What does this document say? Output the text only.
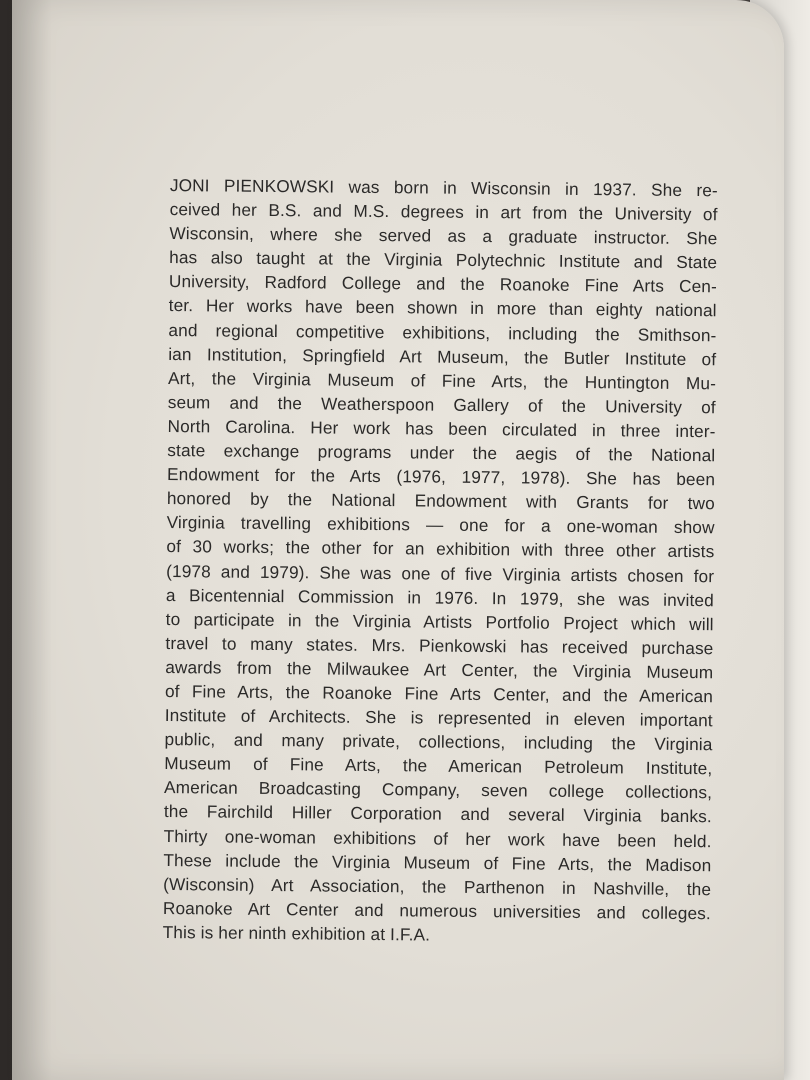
JONI PIENKOWSKI was born in Wisconsin in 1937. She re-
ceived her B.S. and M.S. degrees in art from the University of
Wisconsin, where she served as a graduate instructor. She
has also taught at the Virginia Polytechnic Institute and State
University, Radford College and the Roanoke Fine Arts Cen-
ter. Her works have been shown in more than eighty national
and regional competitive exhibitions, including the Smithson-
ian Institution, Springfield Art Museum, the Butler Institute of
Art, the Virginia Museum of Fine Arts, the Huntington Mu-
seum and the Weatherspoon Gallery of the University of
North Carolina. Her work has been circulated in three inter-
state exchange programs under the aegis of the National
Endowment for the Arts (1976, 1977, 1978). She has been
honored by the National Endowment with Grants for two
Virginia travelling exhibitions — one for a one-woman show
of 30 works; the other for an exhibition with three other artists
(1978 and 1979). She was one of five Virginia artists chosen for
a Bicentennial Commission in 1976. In 1979, she was invited
to participate in the Virginia Artists Portfolio Project which will
travel to many states. Mrs. Pienkowski has received purchase
awards from the Milwaukee Art Center, the Virginia Museum
of Fine Arts, the Roanoke Fine Arts Center, and the American
Institute of Architects. She is represented in eleven important
public, and many private, collections, including the Virginia
Museum of Fine Arts, the American Petroleum Institute,
American Broadcasting Company, seven college collections,
the Fairchild Hiller Corporation and several Virginia banks.
Thirty one-woman exhibitions of her work have been held.
These include the Virginia Museum of Fine Arts, the Madison
(Wisconsin) Art Association, the Parthenon in Nashville, the
Roanoke Art Center and numerous universities and colleges.
This is her ninth exhibition at I.F.A.
